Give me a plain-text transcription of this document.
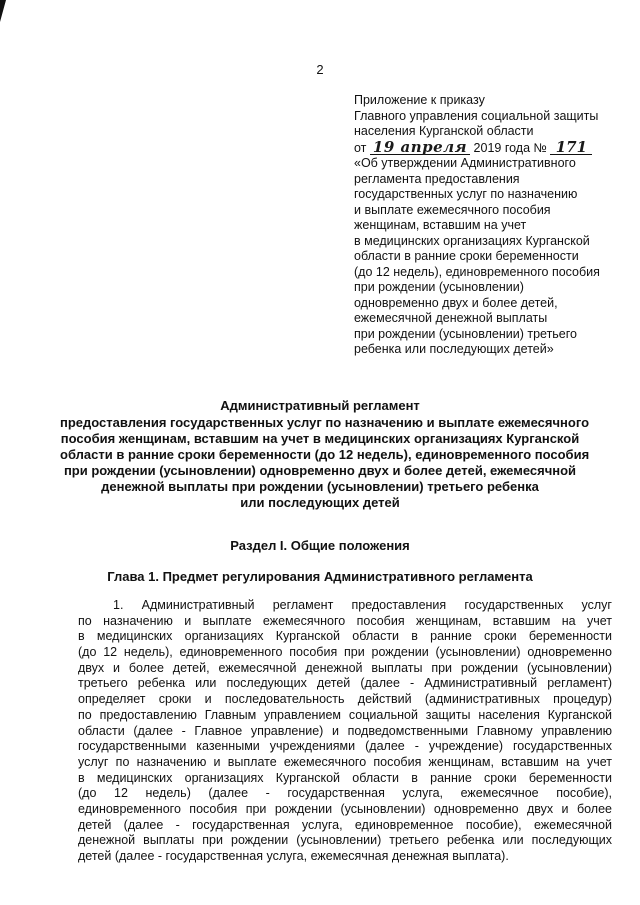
2
Приложение к приказу
Главного управления социальной защиты
населения Курганской области
от 19 апреля 2019 года № 171
«Об утверждении Административного
регламента предоставления
государственных услуг по назначению
и выплате ежемесячного пособия
женщинам, вставшим на учет
в медицинских организациях Курганской
области в ранние сроки беременности
(до 12 недель), единовременного пособия
при рождении (усыновлении)
одновременно двух и более детей,
ежемесячной денежной выплаты
при рождении (усыновлении) третьего
ребенка или последующих детей»
Административный регламент
предоставления государственных услуг по назначению и выплате ежемесячного
пособия женщинам, вставшим на учет в медицинских организациях Курганской
области в ранние сроки беременности (до 12 недель), единовременного пособия
при рождении (усыновлении) одновременно двух и более детей, ежемесячной
денежной выплаты при рождении (усыновлении) третьего ребенка
или последующих детей
Раздел I. Общие положения
Глава 1. Предмет регулирования Административного регламента
1. Административный регламент предоставления государственных услуг
по назначению и выплате ежемесячного пособия женщинам, вставшим на учет
в медицинских организациях Курганской области в ранние сроки беременности
(до 12 недель), единовременного пособия при рождении (усыновлении) одновременно
двух и более детей, ежемесячной денежной выплаты при рождении (усыновлении)
третьего ребенка или последующих детей (далее - Административный регламент)
определяет сроки и последовательность действий (административных процедур)
по предоставлению Главным управлением социальной защиты населения Курганской
области (далее - Главное управление) и подведомственными Главному управлению
государственными казенными учреждениями (далее - учреждение) государственных
услуг по назначению и выплате ежемесячного пособия женщинам, вставшим на учет
в медицинских организациях Курганской области в ранние сроки беременности
(до 12 недель) (далее - государственная услуга, ежемесячное пособие),
единовременного пособия при рождении (усыновлении) одновременно двух и более
детей (далее - государственная услуга, единовременное пособие), ежемесячной
денежной выплаты при рождении (усыновлении) третьего ребенка или последующих
детей (далее - государственная услуга, ежемесячная денежная выплата).
